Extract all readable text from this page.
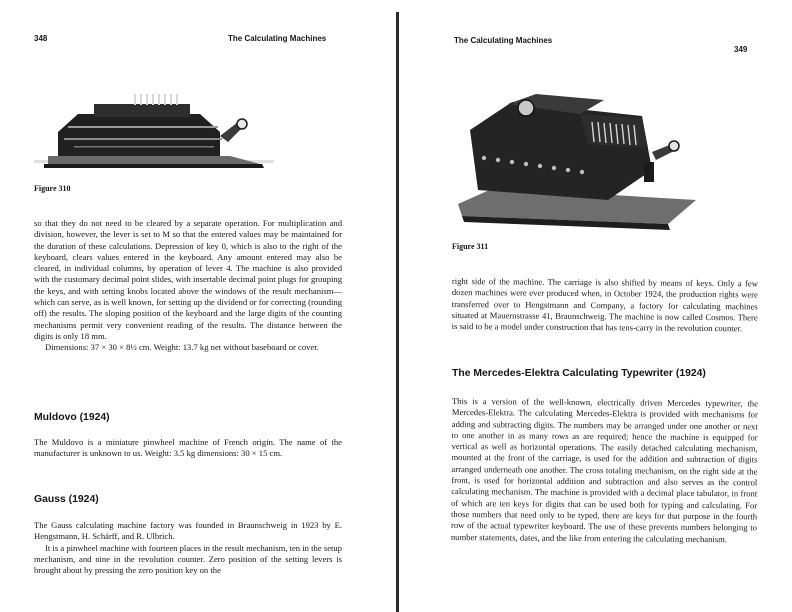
348	The Calculating Machines
Figure 310

so that they do not need to be cleared by a separate operation. For multiplication and division, however, the lever is set to M so that the entered values may be maintained for the duration of these calculations. Depression of key 0, which is also to the right of the keyboard, clears values entered in the keyboard. Any amount entered may also be cleared, in individual columns, by operation of lever 4. The machine is also provided with the customary decimal point slides, with insertable decimal point plugs for grouping the keys, and with setting knobs located above the windows of the result mechanism—which can serve, as is well known, for setting up the dividend or for correcting (rounding off) the results. The sloping position of the keyboard and the large digits of the counting mechanisms permit very convenient reading of the results. The distance between the digits is only 18 mm.

Dimensions: 37 × 30 × 8½ cm. Weight: 13.7 kg net without baseboard or cover.

Muldovo (1924)

The Muldovo is a miniature pinwheel machine of French origin. The name of the manufacturer is unknown to us. Weight: 3.5 kg dimensions: 30 × 15 cm.

Gauss (1924)

The Gauss calculating machine factory was founded in Braunschweig in 1923 by E. Hengstmann, H. Schärff, and R. Ulbrich.

It is a pinwheel machine with fourteen places in the result mechanism, ten in the setup mechanism, and nine in the revolution counter. Zero position of the setting levers is brought about by pressing the zero position key on the

The Calculating Machines
349
Figure 311

right side of the machine. The carriage is also shifted by means of keys. Only a few dozen machines were ever produced when, in October 1924, the production rights were transferred over to Hengstmann and Company, a factory for calculating machines situated at Mauernstrasse 41, Braunschweig. The machine is now called Cosmos. There is said to be a model under construction that has tens-carry in the revolution counter.

The Mercedes-Elektra Calculating Typewriter (1924)

This is a version of the well-known, electrically driven Mercedes typewriter, the Mercedes-Elektra. The calculating Mercedes-Elektra is provided with mechanisms for adding and subtracting digits. The numbers may be arranged under one another or next to one another in as many rows as are required; hence the machine is equipped for vertical as well as horizontal operations. The easily detached calculating mechanism, mounted at the front of the carriage, is used for the addition and subtraction of digits arranged underneath one another. The cross totaling mechanism, on the right side at the front, is used for horizontal addition and subtraction and also serves as the control calculating mechanism. The machine is provided with a decimal place tabulator, in front of which are ten keys for digits that can be used both for typing and calculating. For those numbers that need only to be typed, there are keys for that purpose in the fourth row of the actual typewriter keyboard. The use of these prevents numbers belonging to number statements, dates, and the like from entering the calculating mechanism.
